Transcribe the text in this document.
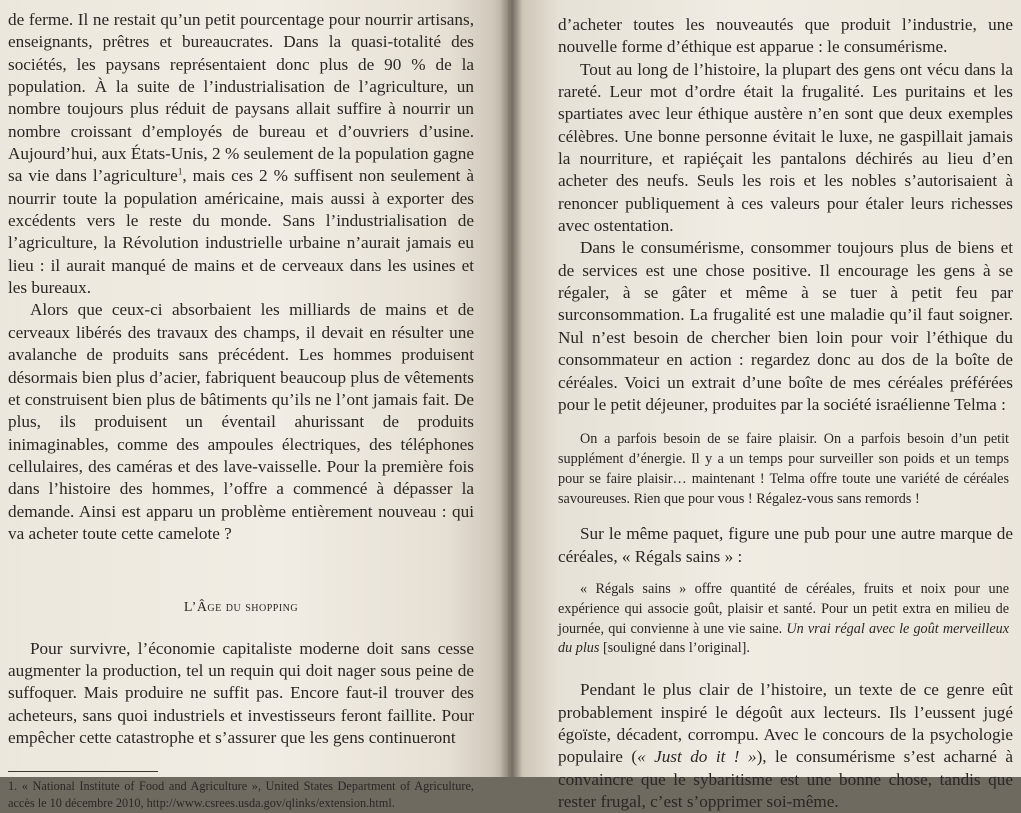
de ferme. Il ne restait qu’un petit pourcentage pour nourrir artisans, enseignants, prêtres et bureaucrates. Dans la quasi-totalité des sociétés, les paysans représentaient donc plus de 90 % de la population. À la suite de l’industrialisation de l’agriculture, un nombre toujours plus réduit de paysans allait suffire à nourrir un nombre croissant d’employés de bureau et d’ouvriers d’usine. Aujourd’hui, aux États-Unis, 2 % seulement de la population gagne sa vie dans l’agriculture$^1$, mais ces 2 % suffisent non seulement à nourrir toute la population américaine, mais aussi à exporter des excédents vers le reste du monde. Sans l’industrialisation de l’agriculture, la Révolution industrielle urbaine n’aurait jamais eu lieu : il aurait manqué de mains et de cerveaux dans les usines et les bureaux.

Alors que ceux-ci absorbaient les milliards de mains et de cerveaux libérés des travaux des champs, il devait en résulter une avalanche de produits sans précédent. Les hommes produisent désormais bien plus d’acier, fabriquent beaucoup plus de vêtements et construisent bien plus de bâtiments qu’ils ne l’ont jamais fait. De plus, ils produisent un éventail ahurissant de produits inimaginables, comme des ampoules électriques, des téléphones cellulaires, des caméras et des lave-vaisselle. Pour la première fois dans l’histoire des hommes, l’offre a commencé à dépasser la demande. Ainsi est apparu un problème entièrement nouveau : qui va acheter toute cette camelote ?

L’Âge du shopping

Pour survivre, l’économie capitaliste moderne doit sans cesse augmenter la production, tel un requin qui doit nager sous peine de suffoquer. Mais produire ne suffit pas. Encore faut-il trouver des acheteurs, sans quoi industriels et investisseurs feront faillite. Pour empêcher cette catastrophe et s’assurer que les gens continueront

1. « National Institute of Food and Agriculture », United States Department of Agriculture, accès le 10 décembre 2010, http://www.csrees.usda.gov/qlinks/extension.html.

d’acheter toutes les nouveautés que produit l’industrie, une nouvelle forme d’éthique est apparue : le consumérisme.

Tout au long de l’histoire, la plupart des gens ont vécu dans la rareté. Leur mot d’ordre était la frugalité. Les puritains et les spartiates avec leur éthique austère n’en sont que deux exemples célèbres. Une bonne personne évitait le luxe, ne gaspillait jamais la nourriture, et rapiéçait les pantalons déchirés au lieu d’en acheter des neufs. Seuls les rois et les nobles s’autorisaient à renoncer publiquement à ces valeurs pour étaler leurs richesses avec ostentation.

Dans le consumérisme, consommer toujours plus de biens et de services est une chose positive. Il encourage les gens à se régaler, à se gâter et même à se tuer à petit feu par surconsommation. La frugalité est une maladie qu’il faut soigner. Nul n’est besoin de chercher bien loin pour voir l’éthique du consommateur en action : regardez donc au dos de la boîte de céréales. Voici un extrait d’une boîte de mes céréales préférées pour le petit déjeuner, produites par la société israélienne Telma :

On a parfois besoin de se faire plaisir. On a parfois besoin d’un petit supplément d’énergie. Il y a un temps pour surveiller son poids et un temps pour se faire plaisir… maintenant ! Telma offre toute une variété de céréales savoureuses. Rien que pour vous ! Régalez-vous sans remords !

Sur le même paquet, figure une pub pour une autre marque de céréales, « Régals sains » :

« Régals sains » offre quantité de céréales, fruits et noix pour une expérience qui associe goût, plaisir et santé. Pour un petit extra en milieu de journée, qui convienne à une vie saine. Un vrai régal avec le goût merveilleux du plus [souligné dans l’original].

Pendant le plus clair de l’histoire, un texte de ce genre eût probablement inspiré le dégoût aux lecteurs. Ils l’eussent jugé égoïste, décadent, corrompu. Avec le concours de la psychologie populaire (« Just do it ! »), le consumérisme s’est acharné à convaincre que le sybaritisme est une bonne chose, tandis que rester frugal, c’est s’opprimer soi-même.
